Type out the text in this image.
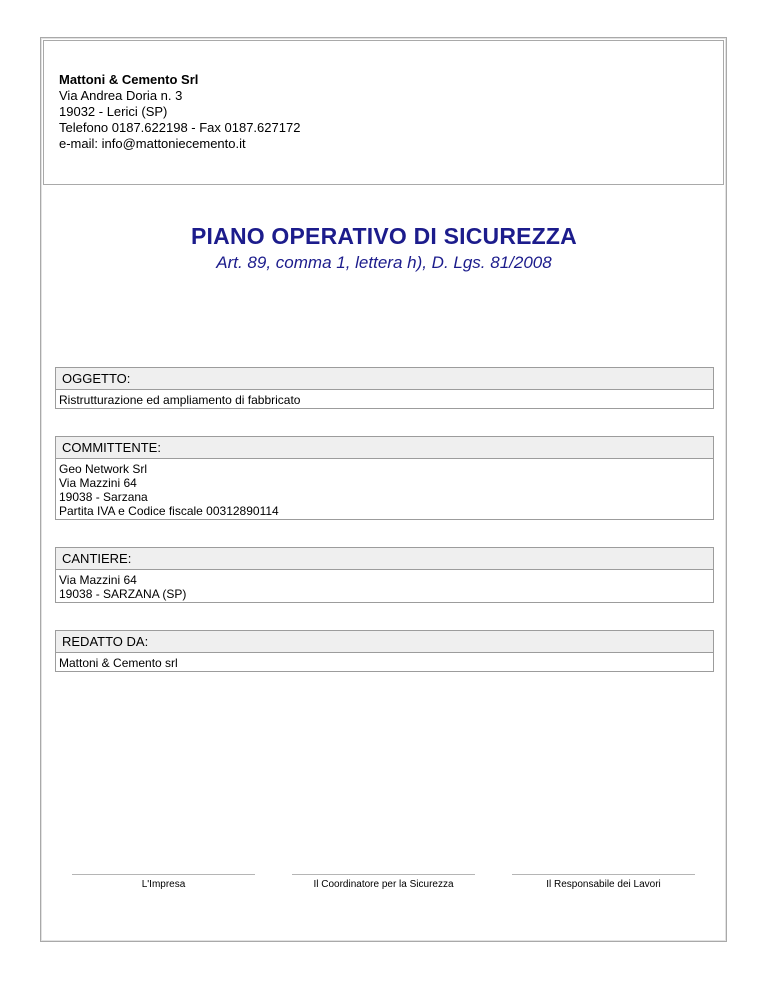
Mattoni & Cemento Srl
Via Andrea Doria n. 3
19032 - Lerici (SP)
Telefono 0187.622198 - Fax 0187.627172
e-mail: info@mattoniecemento.it
PIANO OPERATIVO DI SICUREZZA
Art. 89, comma 1, lettera h), D. Lgs. 81/2008
OGGETTO:
Ristrutturazione ed ampliamento di fabbricato
COMMITTENTE:
Geo Network Srl
Via Mazzini 64
19038 - Sarzana
Partita IVA e Codice fiscale 00312890114
CANTIERE:
Via Mazzini 64
19038 - SARZANA (SP)
REDATTO DA:
Mattoni & Cemento srl
L'Impresa	Il Coordinatore per la Sicurezza	Il Responsabile dei Lavori
